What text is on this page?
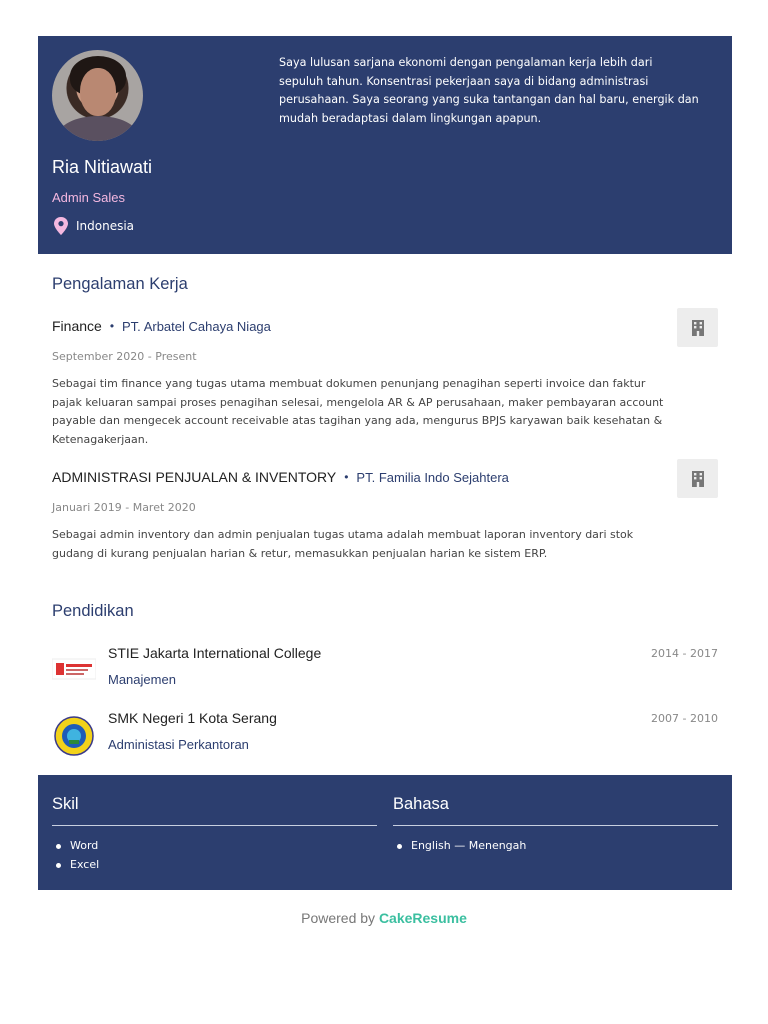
Ria Nitiawati
Admin Sales
Indonesia

Saya lulusan sarjana ekonomi dengan pengalaman kerja lebih dari sepuluh tahun. Konsentrasi pekerjaan saya di bidang administrasi perusahaan. Saya seorang yang suka tantangan dan hal baru, energik dan mudah beradaptasi dalam lingkungan apapun.

Pengalaman Kerja
Finance • PT. Arbatel Cahaya Niaga
September 2020 - Present

Sebagai tim finance yang tugas utama membuat dokumen penunjang penagihan seperti invoice dan faktur pajak keluaran sampai proses penagihan selesai, mengelola AR & AP perusahaan, maker pembayaran account payable dan mengecek account receivable atas tagihan yang ada, mengurus BPJS karyawan baik kesehatan & Ketenagakerjaan.

ADMINISTRASI PENJUALAN & INVENTORY • PT. Familia Indo Sejahtera
Januari 2019 - Maret 2020

Sebagai admin inventory dan admin penjualan tugas utama adalah membuat laporan inventory dari stok gudang di kurang penjualan harian & retur, memasukkan penjualan harian ke sistem ERP.

Pendidikan
STIE Jakarta International College
Manajemen
2014 - 2017
SMK Negeri 1 Kota Serang
Administasi Perkantoran
2007 - 2010
Skil
Word
Excel
Bahasa
English — Menengah
Powered by CakeResume
